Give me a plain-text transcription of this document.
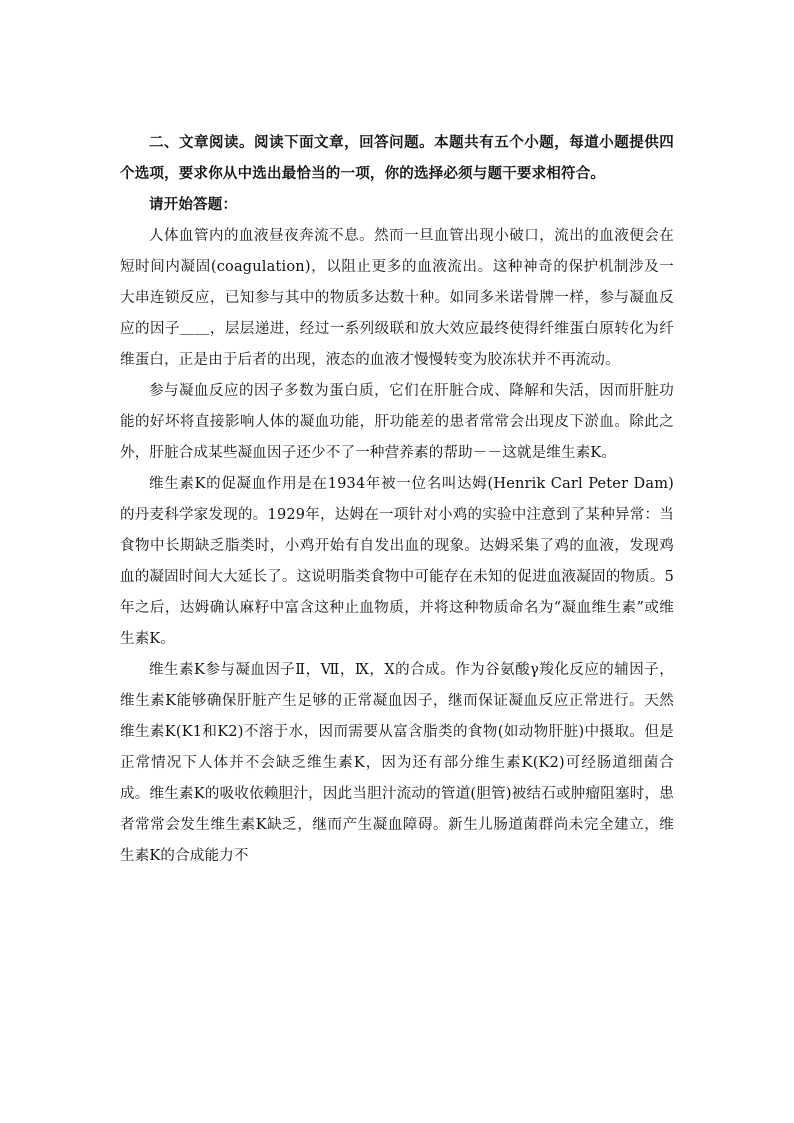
二、文章阅读。阅读下面文章，回答问题。本题共有五个小题，每道小题提供四个选项，要求你从中选出最恰当的一项，你的选择必须与题干要求相符合。

请开始答题：

人体血管内的血液昼夜奔流不息。然而一旦血管出现小破口，流出的血液便会在短时间内凝固(coagulation)，以阻止更多的血液流出。这种神奇的保护机制涉及一大串连锁反应，已知参与其中的物质多达数十种。如同多米诺骨牌一样，参与凝血反应的因子＿＿，层层递进，经过一系列级联和放大效应最终使得纤维蛋白原转化为纤维蛋白，正是由于后者的出现，液态的血液才慢慢转变为胶冻状并不再流动。

参与凝血反应的因子多数为蛋白质，它们在肝脏合成、降解和失活，因而肝脏功能的好坏将直接影响人体的凝血功能，肝功能差的患者常常会出现皮下淤血。除此之外，肝脏合成某些凝血因子还少不了一种营养素的帮助－－这就是维生素K。

维生素K的促凝血作用是在1934年被一位名叫达姆(Henrik Carl Peter Dam)的丹麦科学家发现的。1929年，达姆在一项针对小鸡的实验中注意到了某种异常：当食物中长期缺乏脂类时，小鸡开始有自发出血的现象。达姆采集了鸡的血液，发现鸡血的凝固时间大大延长了。这说明脂类食物中可能存在未知的促进血液凝固的物质。5年之后，达姆确认麻籽中富含这种止血物质，并将这种物质命名为“凝血维生素”或维生素K。

维生素K参与凝血因子Ⅱ，Ⅶ，Ⅸ，Ⅹ的合成。作为谷氨酸γ羧化反应的辅因子，维生素K能够确保肝脏产生足够的正常凝血因子，继而保证凝血反应正常进行。天然维生素K(K1和K2)不溶于水，因而需要从富含脂类的食物(如动物肝脏)中摄取。但是正常情况下人体并不会缺乏维生素K，因为还有部分维生素K(K2)可经肠道细菌合成。维生素K的吸收依赖胆汁，因此当胆汁流动的管道(胆管)被结石或肿瘤阻塞时，患者常常会发生维生素K缺乏，继而产生凝血障碍。新生儿肠道菌群尚未完全建立，维生素K的合成能力不
